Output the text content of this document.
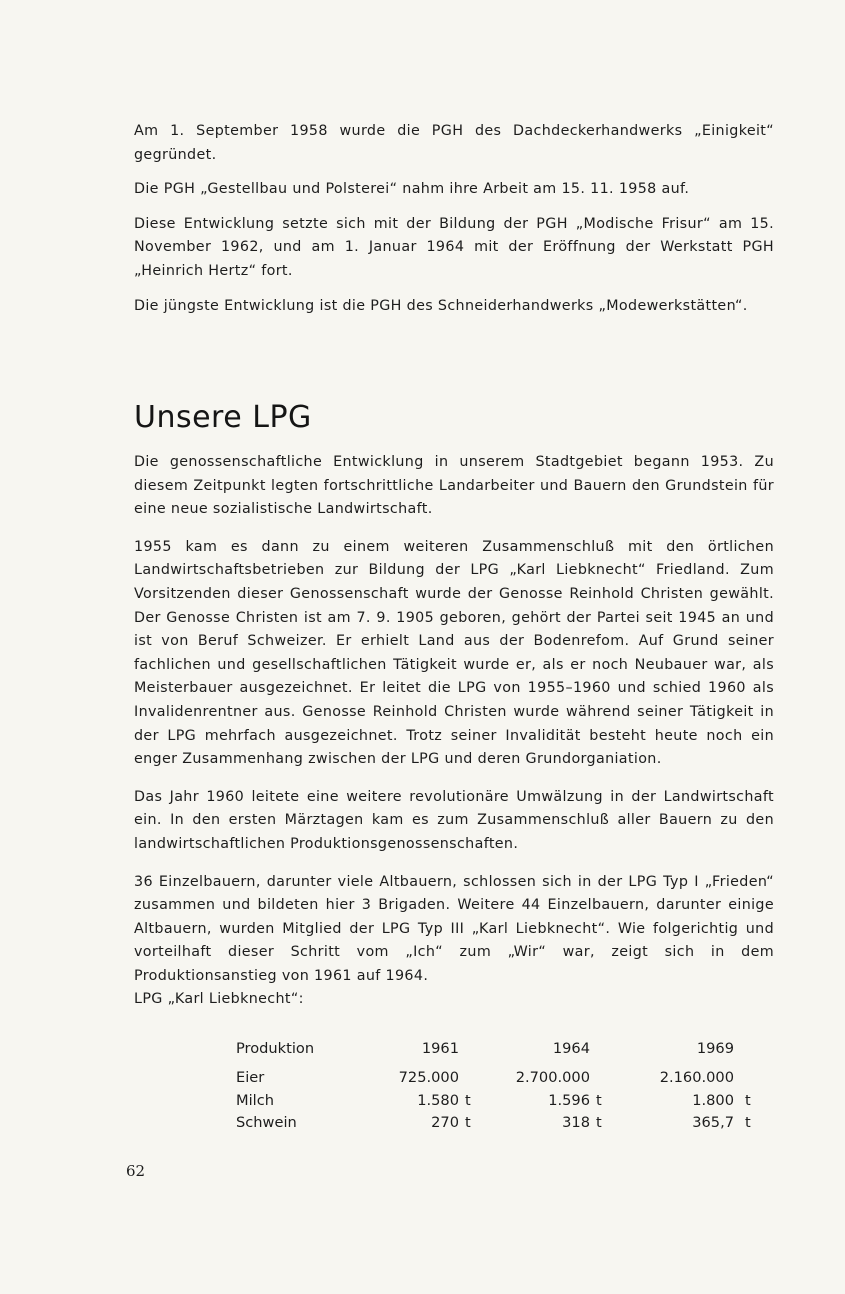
Am 1. September 1958 wurde die PGH des Dachdeckerhandwerks „Einigkeit“ gegründet.

Die PGH „Gestellbau und Polsterei“ nahm ihre Arbeit am 15. 11. 1958 auf.

Diese Entwicklung setzte sich mit der Bildung der PGH „Modische Frisur“ am 15. November 1962, und am 1. Januar 1964 mit der Eröffnung der Werkstatt PGH „Heinrich Hertz“ fort.

Die jüngste Entwicklung ist die PGH des Schneiderhandwerks „Modewerkstätten“.

Unsere LPG

Die genossenschaftliche Entwicklung in unserem Stadtgebiet begann 1953. Zu diesem Zeitpunkt legten fortschrittliche Landarbeiter und Bauern den Grundstein für eine neue sozialistische Landwirtschaft.

1955 kam es dann zu einem weiteren Zusammenschluß mit den örtlichen Landwirtschaftsbetrieben zur Bildung der LPG „Karl Liebknecht“ Friedland. Zum Vorsitzenden dieser Genossenschaft wurde der Genosse Reinhold Christen gewählt. Der Genosse Christen ist am 7. 9. 1905 geboren, gehört der Partei seit 1945 an und ist von Beruf Schweizer. Er erhielt Land aus der Bodenrefom. Auf Grund seiner fachlichen und gesellschaftlichen Tätigkeit wurde er, als er noch Neubauer war, als Meisterbauer ausgezeichnet. Er leitet die LPG von 1955–1960 und schied 1960 als Invalidenrentner aus. Genosse Reinhold Christen wurde während seiner Tätigkeit in der LPG mehrfach ausgezeichnet. Trotz seiner Invalidität besteht heute noch ein enger Zusammenhang zwischen der LPG und deren Grundorganiation.

Das Jahr 1960 leitete eine weitere revolutionäre Umwälzung in der Landwirtschaft ein. In den ersten Märztagen kam es zum Zusammenschluß aller Bauern zu den landwirtschaftlichen Produktionsgenossenschaften.

36 Einzelbauern, darunter viele Altbauern, schlossen sich in der LPG Typ I „Frieden“ zusammen und bildeten hier 3 Brigaden. Weitere 44 Einzelbauern, darunter einige Altbauern, wurden Mitglied der LPG Typ III „Karl Liebknecht“. Wie folgerichtig und vorteilhaft dieser Schritt vom „Ich“ zum „Wir“ war, zeigt sich in dem Produktionsanstieg von 1961 auf 1964.

LPG „Karl Liebknecht“:

Produktion	1961	1964	1969
Eier	725.000	2.700.000	2.160.000
Milch	1.580 t	1.596 t	1.800 t
Schwein	270 t	318 t	365,7 t
62
